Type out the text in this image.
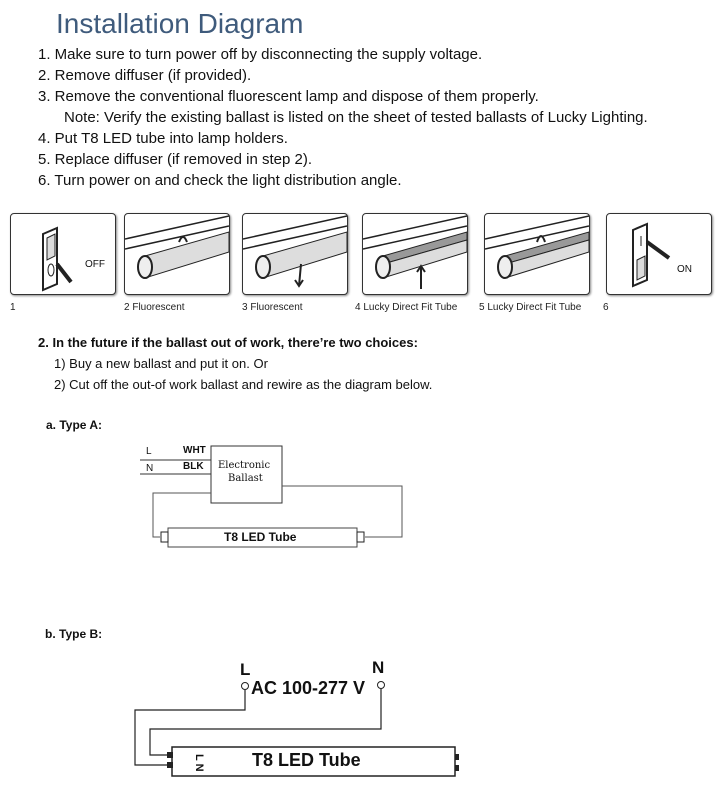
Installation Diagram
1. Make sure to turn power off by disconnecting the supply voltage.
2. Remove diffuser (if provided).
3. Remove the conventional fluorescent lamp and dispose of them properly.
Note: Verify the existing ballast is listed on the sheet of tested ballasts of Lucky Lighting.
4. Put T8 LED tube into lamp holders.
5. Replace diffuser (if removed in step 2).
6. Turn power on and check the light distribution angle.
OFF	ON
1	2 Fluorescent	3 Fluorescent	4 Lucky Direct Fit Tube 5 Lucky Direct Fit Tube 6
2. In the future if the ballast out of work, there’re two choices:
1) Buy a new ballast and put it on. Or
2) Cut off the out-of work ballast and rewire as the diagram below.
a. Type A:
L
N
WHT
BLK Electronic
Ballast
T8 LED Tube
b. Type B:
L	N
AC 100-277 V
L N	T8 LED Tube
